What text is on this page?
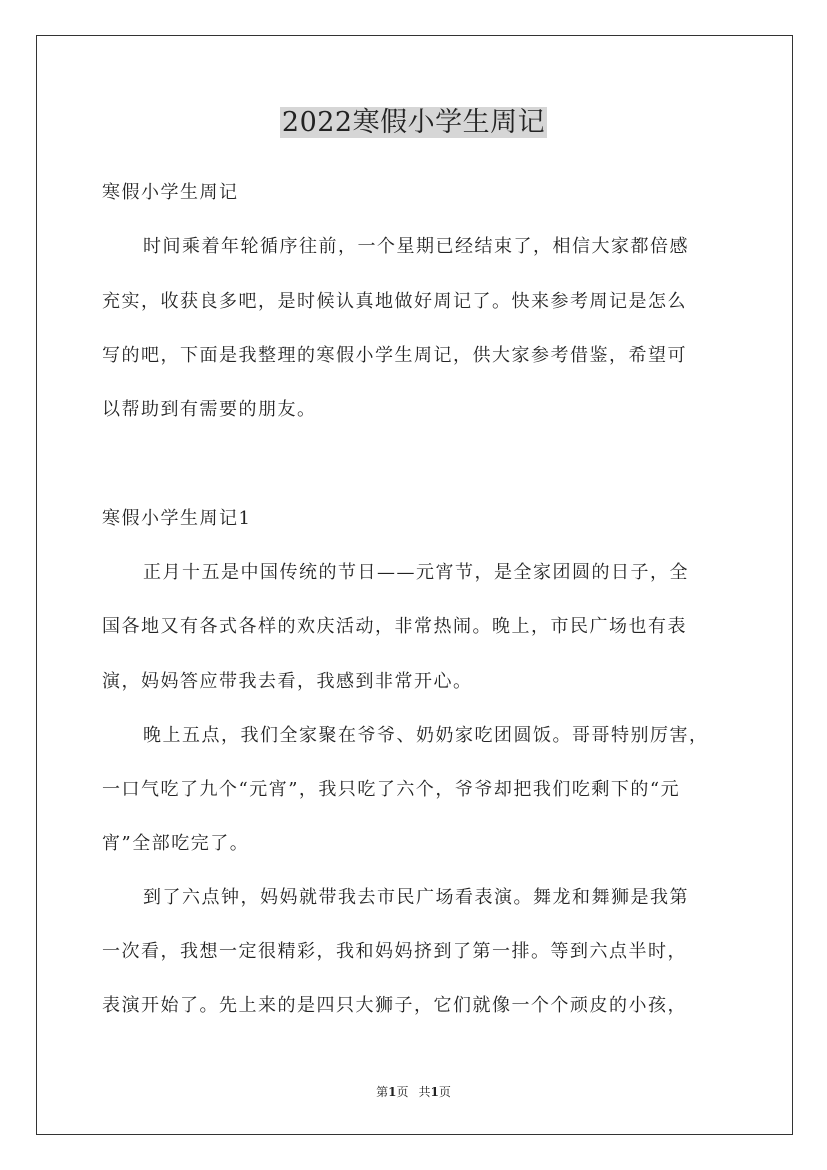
2022寒假小学生周记
寒假小学生周记
时间乘着年轮循序往前，一个星期已经结束了，相信大家都倍感
充实，收获良多吧，是时候认真地做好周记了。快来参考周记是怎么
写的吧，下面是我整理的寒假小学生周记，供大家参考借鉴，希望可
以帮助到有需要的朋友。
寒假小学生周记1
正月十五是中国传统的节日——元宵节，是全家团圆的日子，全
国各地又有各式各样的欢庆活动，非常热闹。晚上，市民广场也有表
演，妈妈答应带我去看，我感到非常开心。
晚上五点，我们全家聚在爷爷、奶奶家吃团圆饭。哥哥特别厉害，
一口气吃了九个“元宵”，我只吃了六个，爷爷却把我们吃剩下的“元
宵”全部吃完了。
到了六点钟，妈妈就带我去市民广场看表演。舞龙和舞狮是我第
一次看，我想一定很精彩，我和妈妈挤到了第一排。等到六点半时，
表演开始了。先上来的是四只大狮子，它们就像一个个顽皮的小孩，
第1页 共1页
